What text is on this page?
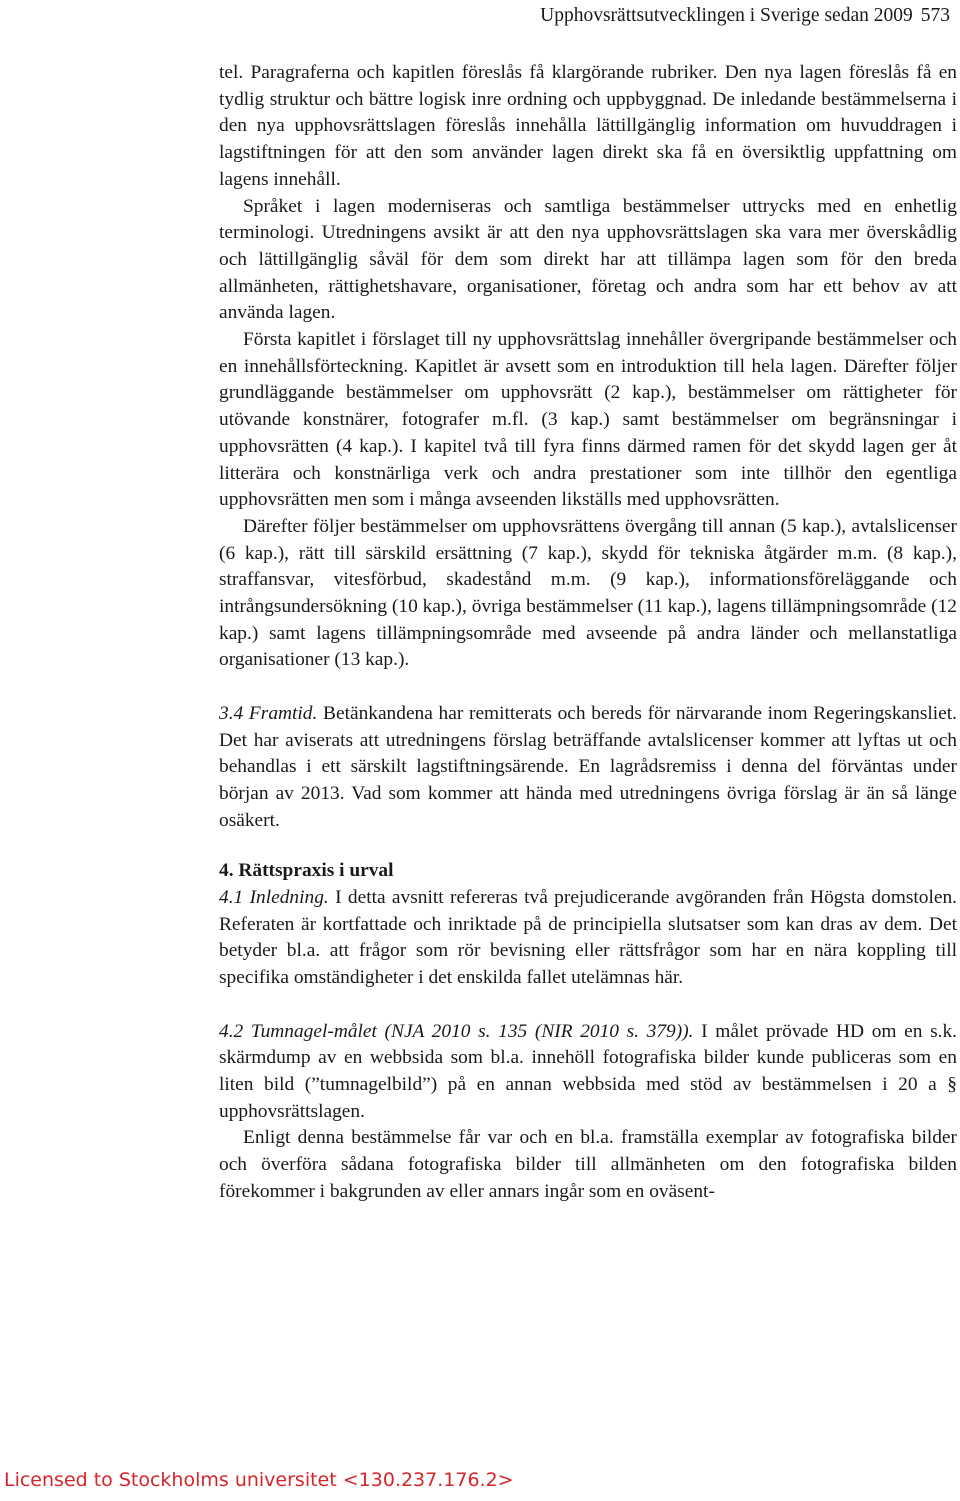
Upphovsrättsutvecklingen i Sverige sedan 2009 573

tel. Paragraferna och kapitlen föreslås få klargörande rubriker. Den nya lagen föreslås få en tydlig struktur och bättre logisk inre ordning och uppbyggnad. De inledande bestämmelserna i den nya upphovsrättslagen föreslås innehålla lättillgänglig information om huvuddragen i lagstiftningen för att den som använder lagen direkt ska få en översiktlig uppfattning om lagens innehåll.

Språket i lagen moderniseras och samtliga bestämmelser uttrycks med en enhetlig terminologi. Utredningens avsikt är att den nya upphovsrättslagen ska vara mer överskådlig och lättillgänglig såväl för dem som direkt har att tillämpa lagen som för den breda allmänheten, rättighetshavare, organisationer, företag och andra som har ett behov av att använda lagen.

Första kapitlet i förslaget till ny upphovsrättslag innehåller övergripande bestämmelser och en innehållsförteckning. Kapitlet är avsett som en introduktion till hela lagen. Därefter följer grundläggande bestämmelser om upphovsrätt (2 kap.), bestämmelser om rättigheter för utövande konstnärer, fotografer m.fl. (3 kap.) samt bestämmelser om begränsningar i upphovsrätten (4 kap.). I kapitel två till fyra finns därmed ramen för det skydd lagen ger åt litterära och konstnärliga verk och andra prestationer som inte tillhör den egentliga upphovsrätten men som i många avseenden likställs med upphovsrätten.

Därefter följer bestämmelser om upphovsrättens övergång till annan (5 kap.), avtalslicenser (6 kap.), rätt till särskild ersättning (7 kap.), skydd för tekniska åtgärder m.m. (8 kap.), straffansvar, vitesförbud, skadestånd m.m. (9 kap.), informationsföreläggande och intrångsundersökning (10 kap.), övriga bestämmelser (11 kap.), lagens tillämpningsområde (12 kap.) samt lagens tillämpningsområde med avseende på andra länder och mellanstatliga organisationer (13 kap.).

3.4 Framtid. Betänkandena har remitterats och bereds för närvarande inom Regeringskansliet. Det har aviserats att utredningens förslag beträffande avtalslicenser kommer att lyftas ut och behandlas i ett särskilt lagstiftningsärende. En lagrådsremiss i denna del förväntas under början av 2013. Vad som kommer att hända med utredningens övriga förslag är än så länge osäkert.

4. Rättspraxis i urval

4.1 Inledning. I detta avsnitt refereras två prejudicerande avgöranden från Högsta domstolen. Referaten är kortfattade och inriktade på de principiella slutsatser som kan dras av dem. Det betyder bl.a. att frågor som rör bevisning eller rättsfrågor som har en nära koppling till specifika omständigheter i det enskilda fallet utelämnas här.

4.2 Tumnagel-målet (NJA 2010 s. 135 (NIR 2010 s. 379)). I målet prövade HD om en s.k. skärmdump av en webbsida som bl.a. innehöll fotografiska bilder kunde publiceras som en liten bild (”tumnagelbild”) på en annan webbsida med stöd av bestämmelsen i 20 a § upphovsrättslagen.

Enligt denna bestämmelse får var och en bl.a. framställa exemplar av fotografiska bilder och överföra sådana fotografiska bilder till allmänheten om den fotografiska bilden förekommer i bakgrunden av eller annars ingår som en oväsent-

Licensed to Stockholms universitet <130.237.176.2>
